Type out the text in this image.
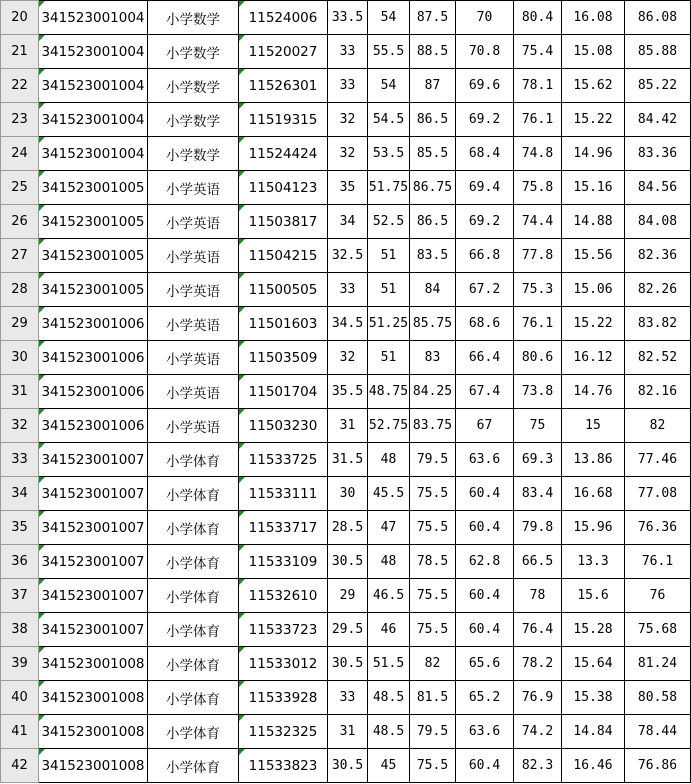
20	341523001004	小学数学	11524006	33.5	54	87.5	70	80.4	16.08	86.08
21	341523001004	小学数学	11520027	33	55.5	88.5	70.8	75.4	15.08	85.88
22	341523001004	小学数学	11526301	33	54	87	69.6	78.1	15.62	85.22
23	341523001004	小学数学	11519315	32	54.5	86.5	69.2	76.1	15.22	84.42
24	341523001004	小学数学	11524424	32	53.5	85.5	68.4	74.8	14.96	83.36
25	341523001005	小学英语	11504123	35	51.75	86.75	69.4	75.8	15.16	84.56
26	341523001005	小学英语	11503817	34	52.5	86.5	69.2	74.4	14.88	84.08
27	341523001005	小学英语	11504215	32.5	51	83.5	66.8	77.8	15.56	82.36
28	341523001005	小学英语	11500505	33	51	84	67.2	75.3	15.06	82.26
29	341523001006	小学英语	11501603	34.5	51.25	85.75	68.6	76.1	15.22	83.82
30	341523001006	小学英语	11503509	32	51	83	66.4	80.6	16.12	82.52
31	341523001006	小学英语	11501704	35.5	48.75	84.25	67.4	73.8	14.76	82.16
32	341523001006	小学英语	11503230	31	52.75	83.75	67	75	15	82
33	341523001007	小学体育	11533725	31.5	48	79.5	63.6	69.3	13.86	77.46
34	341523001007	小学体育	11533111	30	45.5	75.5	60.4	83.4	16.68	77.08
35	341523001007	小学体育	11533717	28.5	47	75.5	60.4	79.8	15.96	76.36
36	341523001007	小学体育	11533109	30.5	48	78.5	62.8	66.5	13.3	76.1
37	341523001007	小学体育	11532610	29	46.5	75.5	60.4	78	15.6	76
38	341523001007	小学体育	11533723	29.5	46	75.5	60.4	76.4	15.28	75.68
39	341523001008	小学体育	11533012	30.5	51.5	82	65.6	78.2	15.64	81.24
40	341523001008	小学体育	11533928	33	48.5	81.5	65.2	76.9	15.38	80.58
41	341523001008	小学体育	11532325	31	48.5	79.5	63.6	74.2	14.84	78.44
42	341523001008	小学体育	11533823	30.5	45	75.5	60.4	82.3	16.46	76.86
